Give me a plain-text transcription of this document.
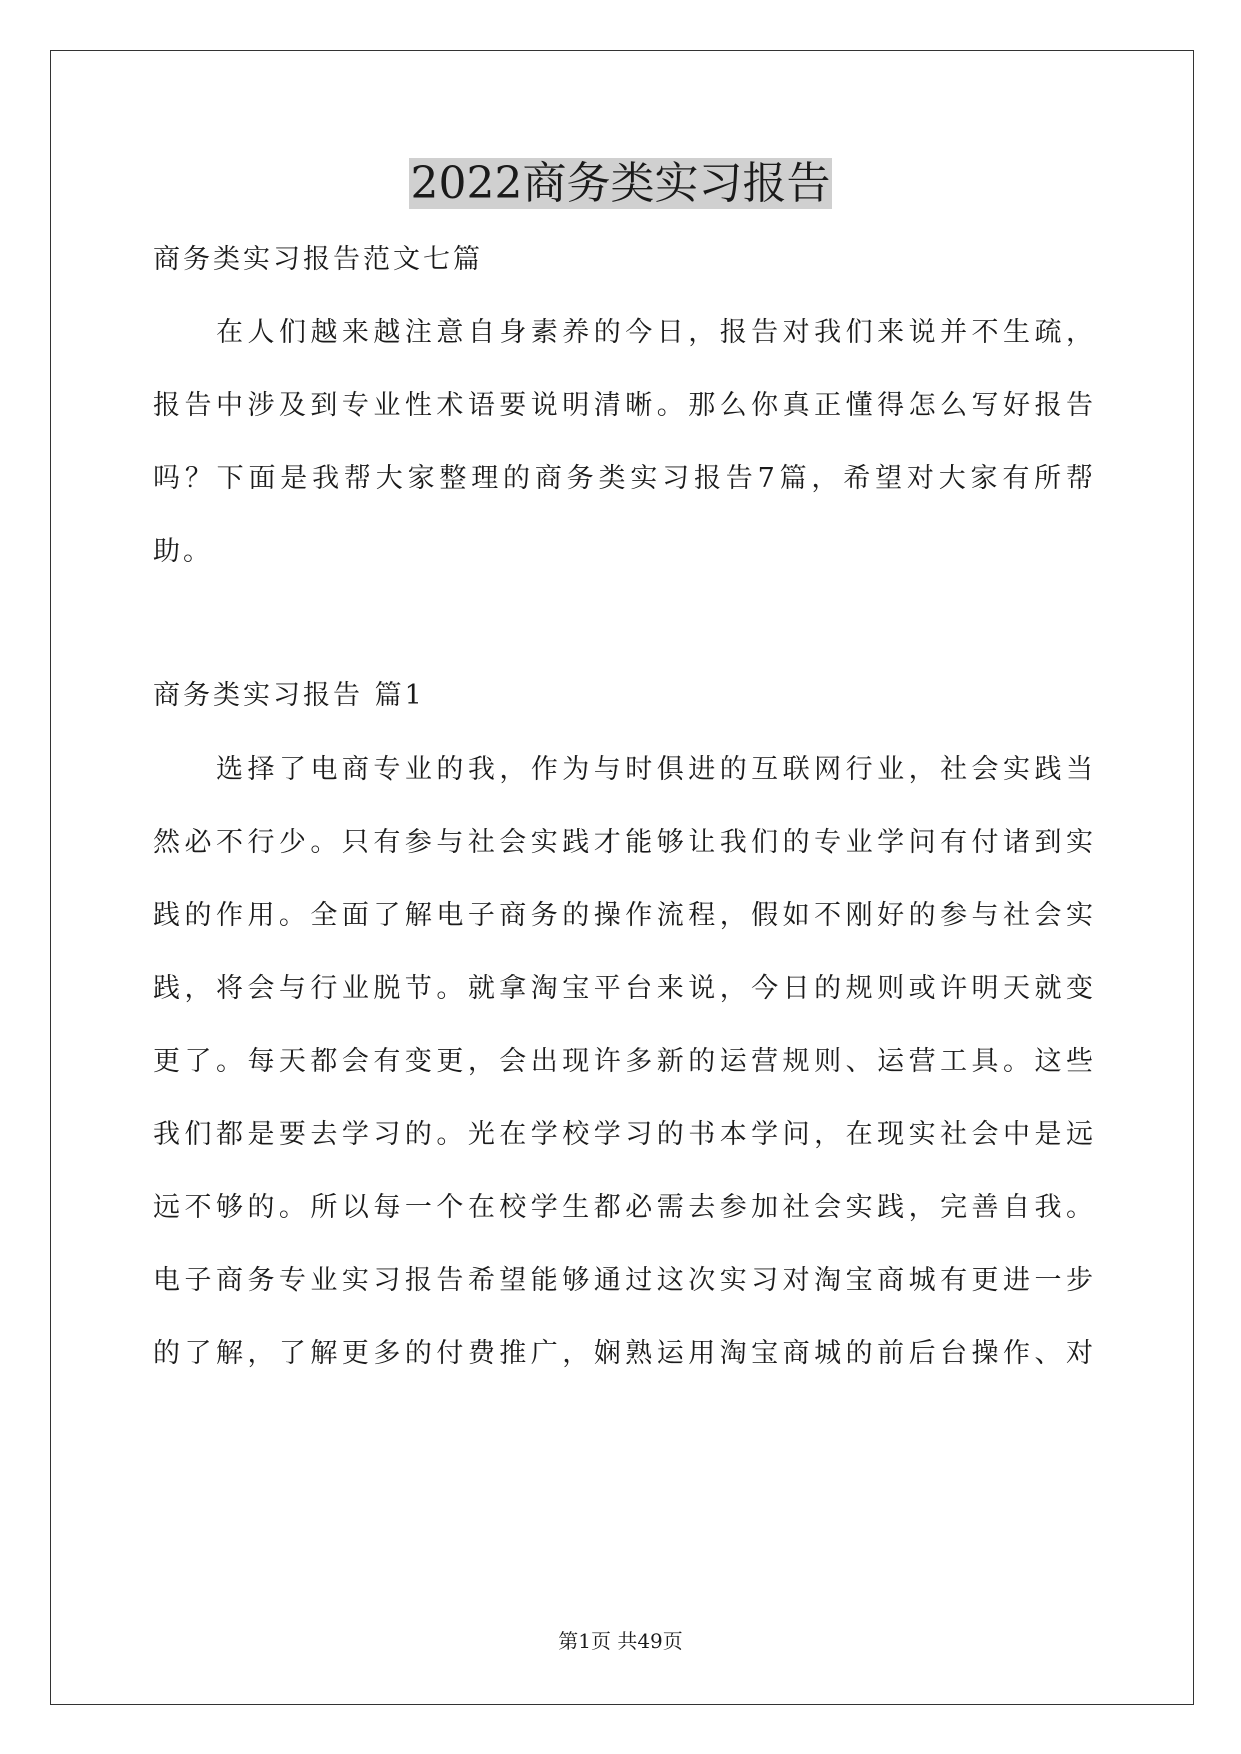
2022商务类实习报告

商务类实习报告范文七篇

在人们越来越注意自身素养的今日，报告对我们来说并不生疏，

报告中涉及到专业性术语要说明清晰。那么你真正懂得怎么写好报告

吗？下面是我帮大家整理的商务类实习报告7篇，希望对大家有所帮

助。

商务类实习报告 篇1

选择了电商专业的我，作为与时俱进的互联网行业，社会实践当

然必不行少。只有参与社会实践才能够让我们的专业学问有付诸到实

践的作用。全面了解电子商务的操作流程，假如不刚好的参与社会实

践，将会与行业脱节。就拿淘宝平台来说，今日的规则或许明天就变

更了。每天都会有变更，会出现许多新的运营规则、运营工具。这些

我们都是要去学习的。光在学校学习的书本学问，在现实社会中是远

远不够的。所以每一个在校学生都必需去参加社会实践，完善自我。

电子商务专业实习报告希望能够通过这次实习对淘宝商城有更进一步

的了解，了解更多的付费推广，娴熟运用淘宝商城的前后台操作、对

第1页 共49页
